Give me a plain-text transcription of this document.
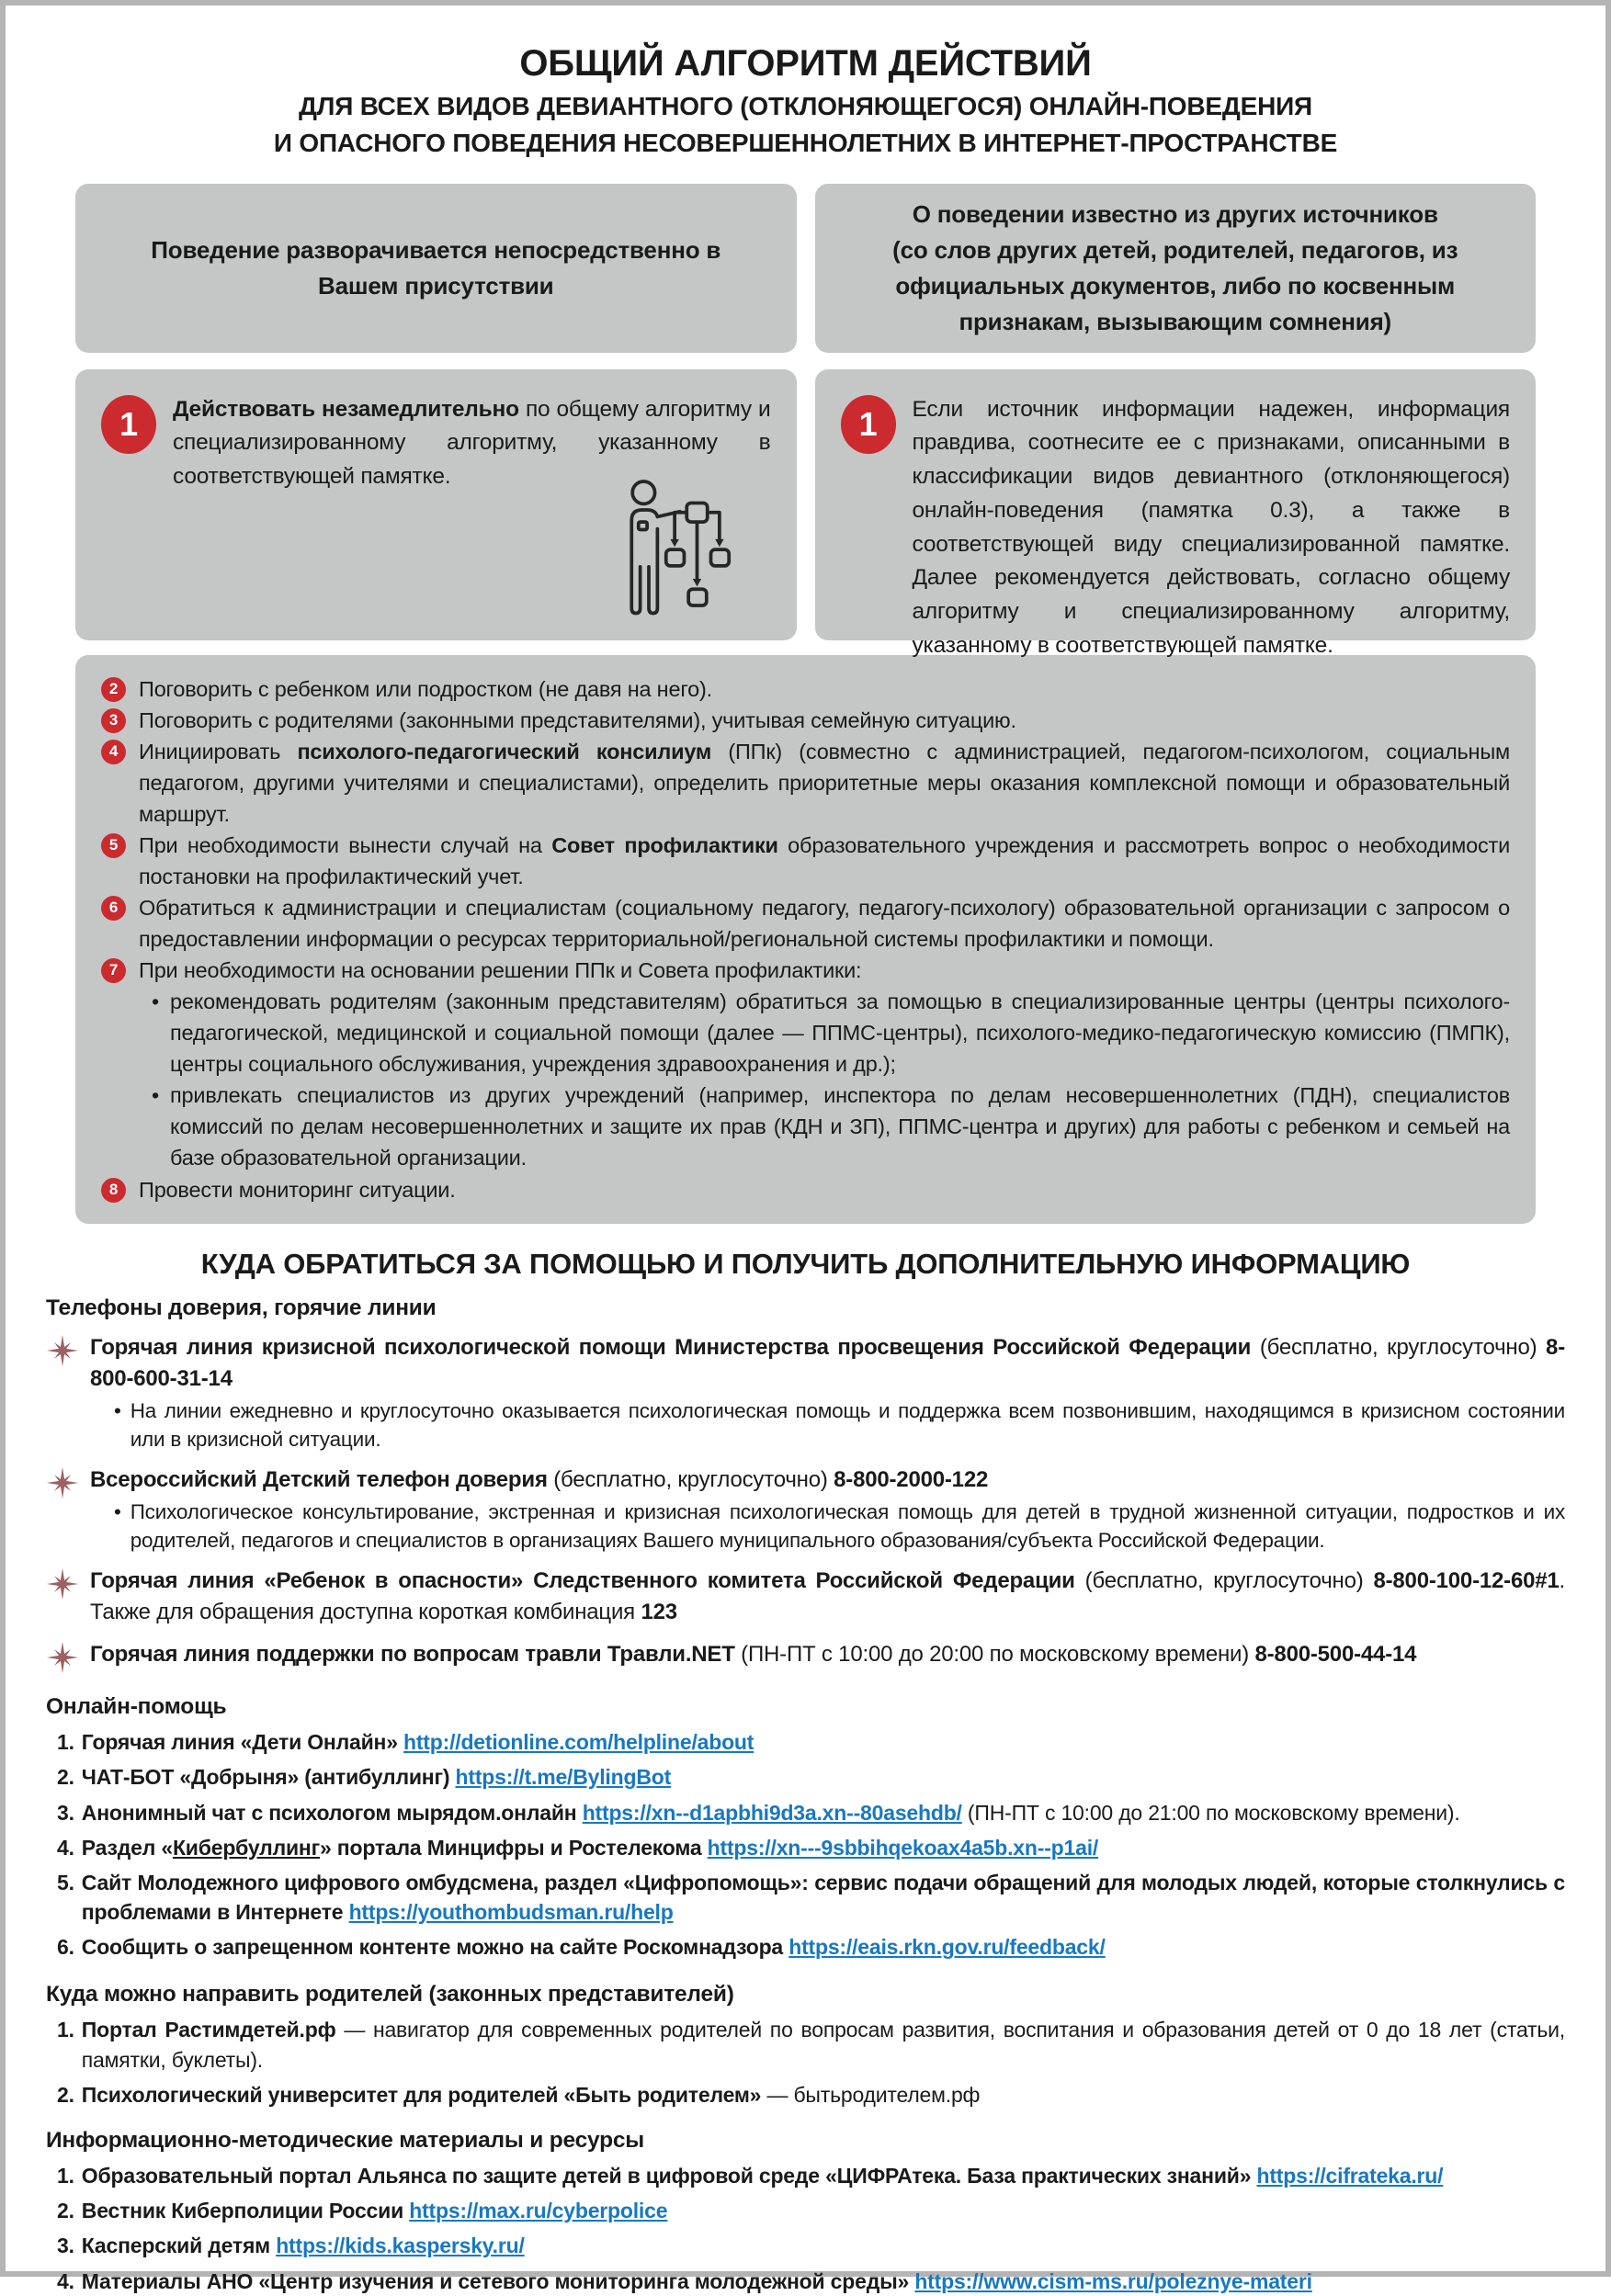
ОБЩИЙ АЛГОРИТМ ДЕЙСТВИЙ
ДЛЯ ВСЕХ ВИДОВ ДЕВИАНТНОГО (ОТКЛОНЯЮЩЕГОСЯ) ОНЛАЙН-ПОВЕДЕНИЯ
И ОПАСНОГО ПОВЕДЕНИЯ НЕСОВЕРШЕННОЛЕТНИХ В ИНТЕРНЕТ-ПРОСТРАНСТВЕ
Поведение разворачивается непосредственно в Вашем присутствии
О поведении известно из других источников
(со слов других детей, родителей, педагогов, из официальных документов, либо по косвенным признакам, вызывающим сомнения)
1	Действовать незамедлительно по общему алгоритму и специализированному алгоритму, указанному в соответствующей памятке.
1	Если источник информации надежен, информация правдива, соотнесите ее с признаками, описанными в классификации видов девиантного (отклоняющегося) онлайн-поведения (памятка 0.3), а также в соответствующей виду специализированной памятке. Далее рекомендуется действовать, согласно общему алгоритму и специализированному алгоритму, указанному в соответствующей памятке.
2 Поговорить с ребенком или подростком (не давя на него).
3 Поговорить с родителями (законными представителями), учитывая семейную ситуацию.
4 Инициировать психолого-педагогический консилиум (ППк) (совместно с администрацией, педагогом-психологом, социальным педагогом, другими учителями и специалистами), определить приоритетные меры оказания комплексной помощи и образовательный маршрут.
5 При необходимости вынести случай на Совет профилактики образовательного учреждения и рассмотреть вопрос о необходимости постановки на профилактический учет.
6 Обратиться к администрации и специалистам (социальному педагогу, педагогу-психологу) образовательной организации с запросом о предоставлении информации о ресурсах территориальной/региональной системы профилактики и помощи.
7 При необходимости на основании решении ППк и Совета профилактики:
• рекомендовать родителям (законным представителям) обратиться за помощью в специализированные центры (центры психолого-педагогической, медицинской и социальной помощи (далее — ППМС-центры), психолого-медико-педагогическую комиссию (ПМПК), центры социального обслуживания, учреждения здравоохранения и др.);
• привлекать специалистов из других учреждений (например, инспектора по делам несовершеннолетних (ПДН), специалистов комиссий по делам несовершеннолетних и защите их прав (КДН и ЗП), ППМС-центра и других) для работы с ребенком и семьей на базе образовательной организации.
8 Провести мониторинг ситуации.
КУДА ОБРАТИТЬСЯ ЗА ПОМОЩЬЮ И ПОЛУЧИТЬ ДОПОЛНИТЕЛЬНУЮ ИНФОРМАЦИЮ
Телефоны доверия, горячие линии
Горячая линия кризисной психологической помощи Министерства просвещения Российской Федерации (бесплатно, круглосуточно) 8-800-600-31-14
• На линии ежедневно и круглосуточно оказывается психологическая помощь и поддержка всем позвонившим, находящимся в кризисном состоянии или в кризисной ситуации.
Всероссийский Детский телефон доверия (бесплатно, круглосуточно) 8-800-2000-122
• Психологическое консультирование, экстренная и кризисная психологическая помощь для детей в трудной жизненной ситуации, подростков и их родителей, педагогов и специалистов в организациях Вашего муниципального образования/субъекта Российской Федерации.
Горячая линия «Ребенок в опасности» Следственного комитета Российской Федерации (бесплатно, круглосуточно) 8-800-100-12-60#1. Также для обращения доступна короткая комбинация 123
Горячая линия поддержки по вопросам травли Травли.NET (ПН-ПТ с 10:00 до 20:00 по московскому времени) 8-800-500-44-14
Онлайн-помощь
1. Горячая линия «Дети Онлайн» http://detionline.com/helpline/about
2. ЧАТ-БОТ «Добрыня» (антибуллинг) https://t.me/BylingBot
3. Анонимный чат с психологом мырядом.онлайн https://xn--d1apbhi9d3a.xn--80asehdb/ (ПН-ПТ с 10:00 до 21:00 по московскому времени).
4. Раздел «Кибербуллинг» портала Минцифры и Ростелекома https://xn---9sbbihqekoax4a5b.xn--p1ai/
5. Сайт Молодежного цифрового омбудсмена, раздел «Цифропомощь»: сервис подачи обращений для молодых людей, которые столкнулись с проблемами в Интернете https://youthombudsman.ru/help
6. Сообщить о запрещенном контенте можно на сайте Роскомнадзора https://eais.rkn.gov.ru/feedback/
Куда можно направить родителей (законных представителей)
1. Портал Растимдетей.рф — навигатор для современных родителей по вопросам развития, воспитания и образования детей от 0 до 18 лет (статьи, памятки, буклеты).
2. Психологический университет для родителей «Быть родителем» — бытьродителем.рф
Информационно-методические материалы и ресурсы
1. Образовательный портал Альянса по защите детей в цифровой среде «ЦИФРАтека. База практических знаний» https://cifrateka.ru/
2. Вестник Киберполиции России https://max.ru/cyberpolice
3. Касперский детям https://kids.kaspersky.ru/
4. Материалы АНО «Центр изучения и сетевого мониторинга молодежной среды» https://www.cism-ms.ru/poleznye-materi
